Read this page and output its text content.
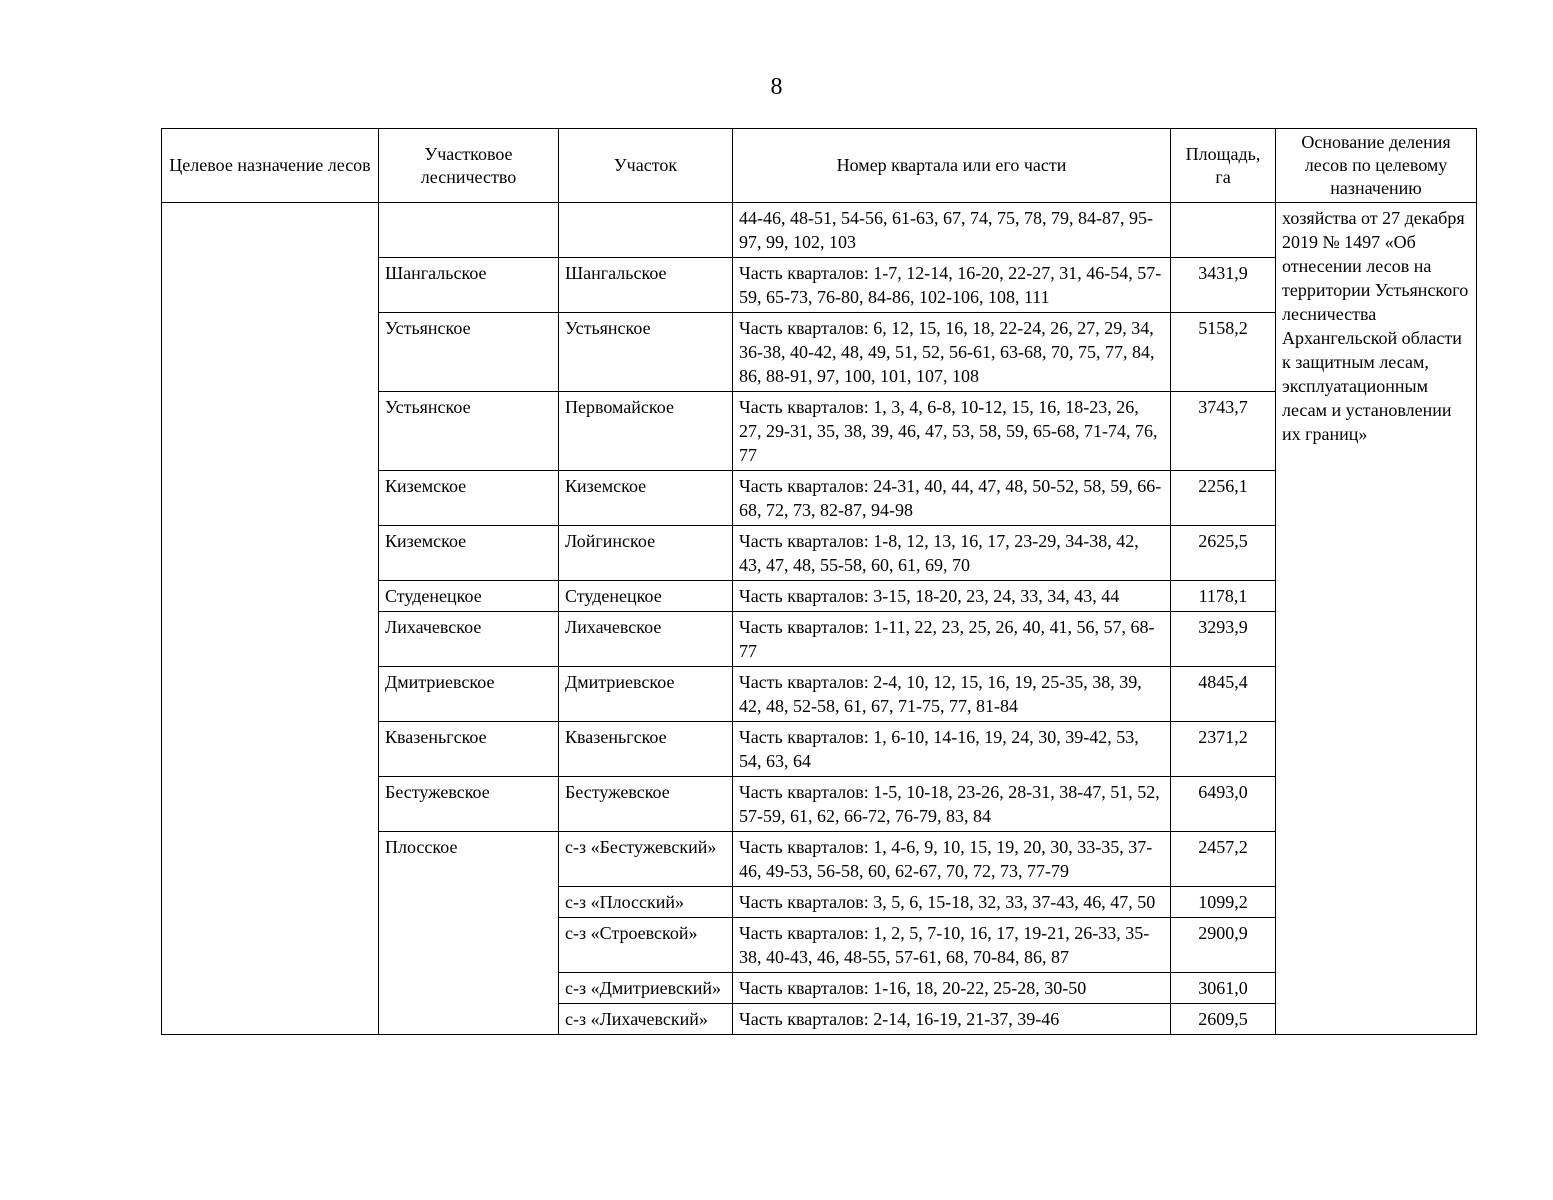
8
Целевое назначение лесов	Участковое лесничество	Участок	Номер квартала или его части	Площадь, га	Основание деления лесов по целевому назначению
			44-46, 48-51, 54-56, 61-63, 67, 74, 75, 78, 79, 84-87, 95-97, 99, 102, 103		хозяйства от 27 декабря 2019 № 1497 «Об отнесении лесов на территории Устьянского лесничества Архангельской области к защитным лесам, эксплуатационным лесам и установлении их границ»
	Шангальское	Шангальское	Часть кварталов: 1-7, 12-14, 16-20, 22-27, 31, 46-54, 57-59, 65-73, 76-80, 84-86, 102-106, 108, 111	3431,9	
	Устьянское	Устьянское	Часть кварталов: 6, 12, 15, 16, 18, 22-24, 26, 27, 29, 34, 36-38, 40-42, 48, 49, 51, 52, 56-61, 63-68, 70, 75, 77, 84, 86, 88-91, 97, 100, 101, 107, 108	5158,2	
	Устьянское	Первомайское	Часть кварталов: 1, 3, 4, 6-8, 10-12, 15, 16, 18-23, 26, 27, 29-31, 35, 38, 39, 46, 47, 53, 58, 59, 65-68, 71-74, 76, 77	3743,7	
	Киземское	Киземское	Часть кварталов: 24-31, 40, 44, 47, 48, 50-52, 58, 59, 66-68, 72, 73, 82-87, 94-98	2256,1	
	Киземское	Лойгинское	Часть кварталов: 1-8, 12, 13, 16, 17, 23-29, 34-38, 42, 43, 47, 48, 55-58, 60, 61, 69, 70	2625,5	
	Студенецкое	Студенецкое	Часть кварталов: 3-15, 18-20, 23, 24, 33, 34, 43, 44	1178,1	
	Лихачевское	Лихачевское	Часть кварталов: 1-11, 22, 23, 25, 26, 40, 41, 56, 57, 68-77	3293,9	
	Дмитриевское	Дмитриевское	Часть кварталов: 2-4, 10, 12, 15, 16, 19, 25-35, 38, 39, 42, 48, 52-58, 61, 67, 71-75, 77, 81-84	4845,4	
	Квазеньгское	Квазеньгское	Часть кварталов: 1, 6-10, 14-16, 19, 24, 30, 39-42, 53, 54, 63, 64	2371,2	
	Бестужевское	Бестужевское	Часть кварталов: 1-5, 10-18, 23-26, 28-31, 38-47, 51, 52, 57-59, 61, 62, 66-72, 76-79, 83, 84	6493,0	
	Плосское	с-з «Бестужевский»	Часть кварталов: 1, 4-6, 9, 10, 15, 19, 20, 30, 33-35, 37-46, 49-53, 56-58, 60, 62-67, 70, 72, 73, 77-79	2457,2	
		с-з «Плосский»	Часть кварталов: 3, 5, 6, 15-18, 32, 33, 37-43, 46, 47, 50	1099,2	
		с-з «Строевской»	Часть кварталов: 1, 2, 5, 7-10, 16, 17, 19-21, 26-33, 35-38, 40-43, 46, 48-55, 57-61, 68, 70-84, 86, 87	2900,9	
		с-з «Дмитриевский»	Часть кварталов: 1-16, 18, 20-22, 25-28, 30-50	3061,0	
		с-з «Лихачевский»	Часть кварталов: 2-14, 16-19, 21-37, 39-46	2609,5	
